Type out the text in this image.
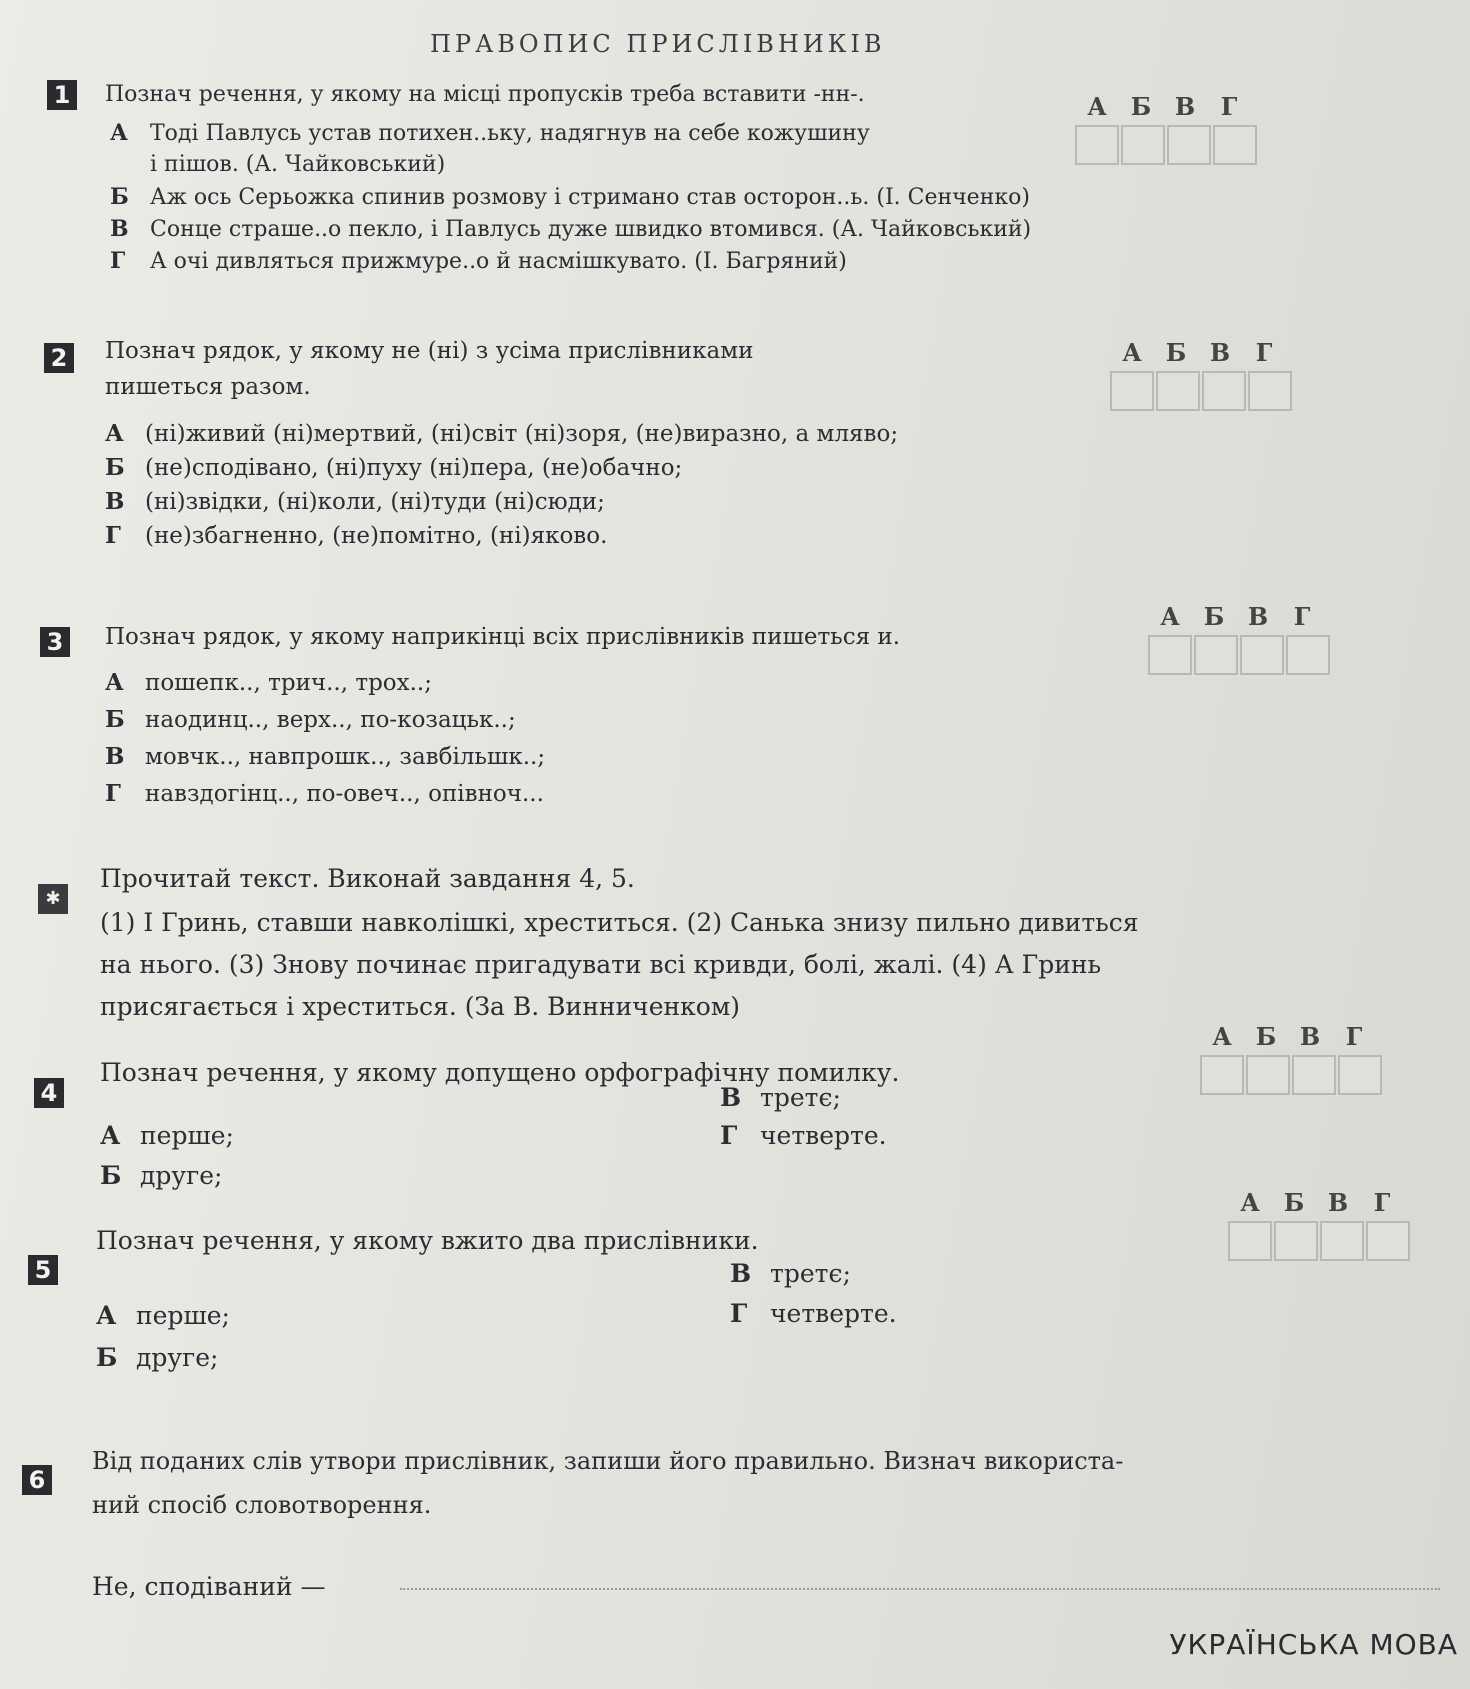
ПРАВОПИС ПРИСЛІВНИКІВ
1	Познач речення, у якому на місці пропусків треба вставити -нн-.
А Тоді Павлусь устав потихен..ьку, надягнув на себе кожушину
і пішов. (А. Чайковський)
Б Аж ось Серьожка спинив розмову і стримано став осторон..ь. (І. Сенченко)
В Сонце страше..о пекло, і Павлусь дуже швидко втомився. (А. Чайковський)
Г А очі дивляться прижмуре..о й насмішкувато. (І. Багряний)
А Б В	Г
2 Познач рядок, у якому не (ні) з усіма прислівниками
пишеться разом.
А (ні)живий (ні)мертвий, (ні)світ (ні)зоря, (не)виразно, а мляво;
Б (не)сподівано, (ні)пуху (ні)пера, (не)обачно;
В (ні)звідки, (ні)коли, (ні)туди (ні)сюди;
Г (не)збагненно, (не)помітно, (ні)яково.
А Б В	Г
3 Познач рядок, у якому наприкінці всіх прислівників пишеться и.
А пошепк.., трич.., трох..;
Б наодинц.., верх.., по-козацьк..;
В мовчк.., навпрошк.., завбільшк..;
Г навздогінц.., по-овеч.., опівноч...
А Б В	Г
✱
Прочитай текст. Виконай завдання 4, 5.
(1) І Гринь, ставши навколішкі, хреститься. (2) Санька знизу пильно дивиться
на нього. (3) Знову починає пригадувати всі кривди, болі, жалі. (4) А Гринь
присягається і хреститься. (За В. Винниченком)
4
Познач речення, у якому допущено орфографічну помилку.
А перше;
Б друге;
В третє;
Г четверте.
А Б В	Г
5
Познач речення, у якому вжито два прислівники.
А перше;
Б друге;
В третє;
Г четверте.
А Б В	Г
6
Від поданих слів утвори прислівник, запиши його правильно. Визнач використа-
ний спосіб словотворення.
Не, сподіваний —
УКРАЇНСЬКА МОВА
